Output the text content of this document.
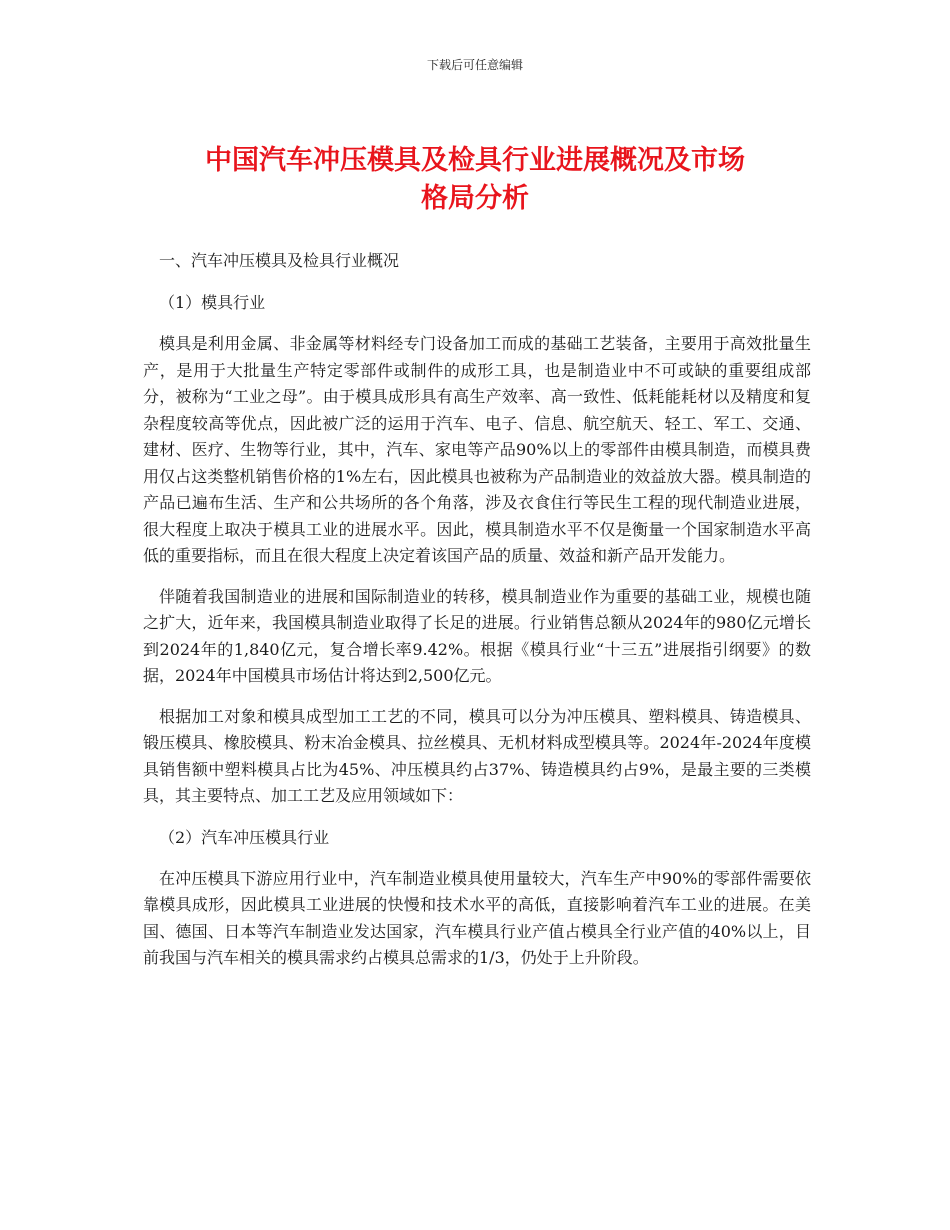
下载后可任意编辑
中国汽车冲压模具及检具行业进展概况及市场
格局分析

一、汽车冲压模具及检具行业概况

（1）模具行业

模具是利用金属、非金属等材料经专门设备加工而成的基础工艺装备，主要用于高效批量生产，是用于大批量生产特定零部件或制件的成形工具，也是制造业中不可或缺的重要组成部分，被称为“工业之母”。由于模具成形具有高生产效率、高一致性、低耗能耗材以及精度和复杂程度较高等优点，因此被广泛的运用于汽车、电子、信息、航空航天、轻工、军工、交通、建材、医疗、生物等行业，其中，汽车、家电等产品90%以上的零部件由模具制造，而模具费用仅占这类整机销售价格的1%左右，因此模具也被称为产品制造业的效益放大器。模具制造的产品已遍布生活、生产和公共场所的各个角落，涉及衣食住行等民生工程的现代制造业进展，很大程度上取决于模具工业的进展水平。因此，模具制造水平不仅是衡量一个国家制造水平高低的重要指标，而且在很大程度上决定着该国产品的质量、效益和新产品开发能力。

伴随着我国制造业的进展和国际制造业的转移，模具制造业作为重要的基础工业，规模也随之扩大，近年来，我国模具制造业取得了长足的进展。行业销售总额从2024年的980亿元增长到2024年的1,840亿元，复合增长率9.42%。根据《模具行业“十三五”进展指引纲要》的数据，2024年中国模具市场估计将达到2,500亿元。

根据加工对象和模具成型加工工艺的不同，模具可以分为冲压模具、塑料模具、铸造模具、锻压模具、橡胶模具、粉末冶金模具、拉丝模具、无机材料成型模具等。2024年-2024年度模具销售额中塑料模具占比为45%、冲压模具约占37%、铸造模具约占9%，是最主要的三类模具，其主要特点、加工工艺及应用领域如下：

（2）汽车冲压模具行业

在冲压模具下游应用行业中，汽车制造业模具使用量较大，汽车生产中90%的零部件需要依靠模具成形，因此模具工业进展的快慢和技术水平的高低，直接影响着汽车工业的进展。在美国、德国、日本等汽车制造业发达国家，汽车模具行业产值占模具全行业产值的40%以上，目前我国与汽车相关的模具需求约占模具总需求的1/3，仍处于上升阶段。
